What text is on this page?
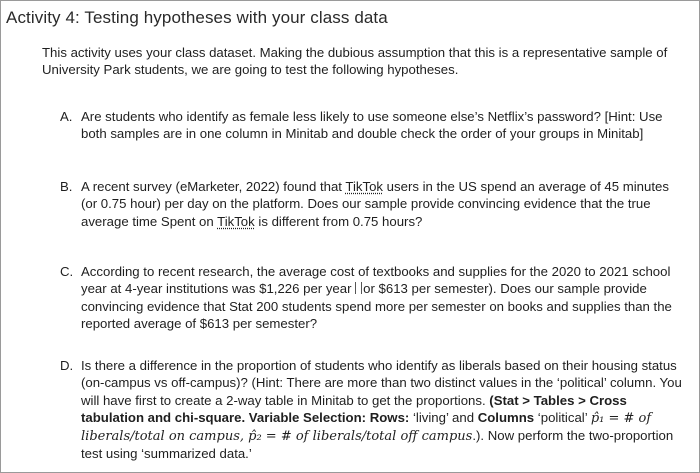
Activity 4: Testing hypotheses with your class data
This activity uses your class dataset. Making the dubious assumption that this is a representative sample of University Park students, we are going to test the following hypotheses.
A. Are students who identify as female less likely to use someone else’s Netflix’s password? [Hint: Use both samples are in one column in Minitab and double check the order of your groups in Minitab]
B. A recent survey (eMarketer, 2022) found that TikTok users in the US spend an average of 45 minutes (or 0.75 hour) per day on the platform. Does our sample provide convincing evidence that the true average time Spent on TikTok is different from 0.75 hours?
C. According to recent research, the average cost of textbooks and supplies for the 2020 to 2021 school year at 4-year institutions was $1,226 per year or $613 per semester). Does our sample provide convincing evidence that Stat 200 students spend more per semester on books and supplies than the reported average of $613 per semester?
D. Is there a difference in the proportion of students who identify as liberals based on their housing status (on-campus vs off-campus)? (Hint: There are more than two distinct values in the ‘political’ column. You will have first to create a 2-way table in Minitab to get the proportions. (Stat > Tables > Cross tabulation and chi-square. Variable Selection: Rows: ‘living’ and Columns ‘political’ p̂₁ = # of liberals/total on campus, p̂₂ = # of liberals/total off campus.). Now perform the two-proportion test using ‘summarized data.’
